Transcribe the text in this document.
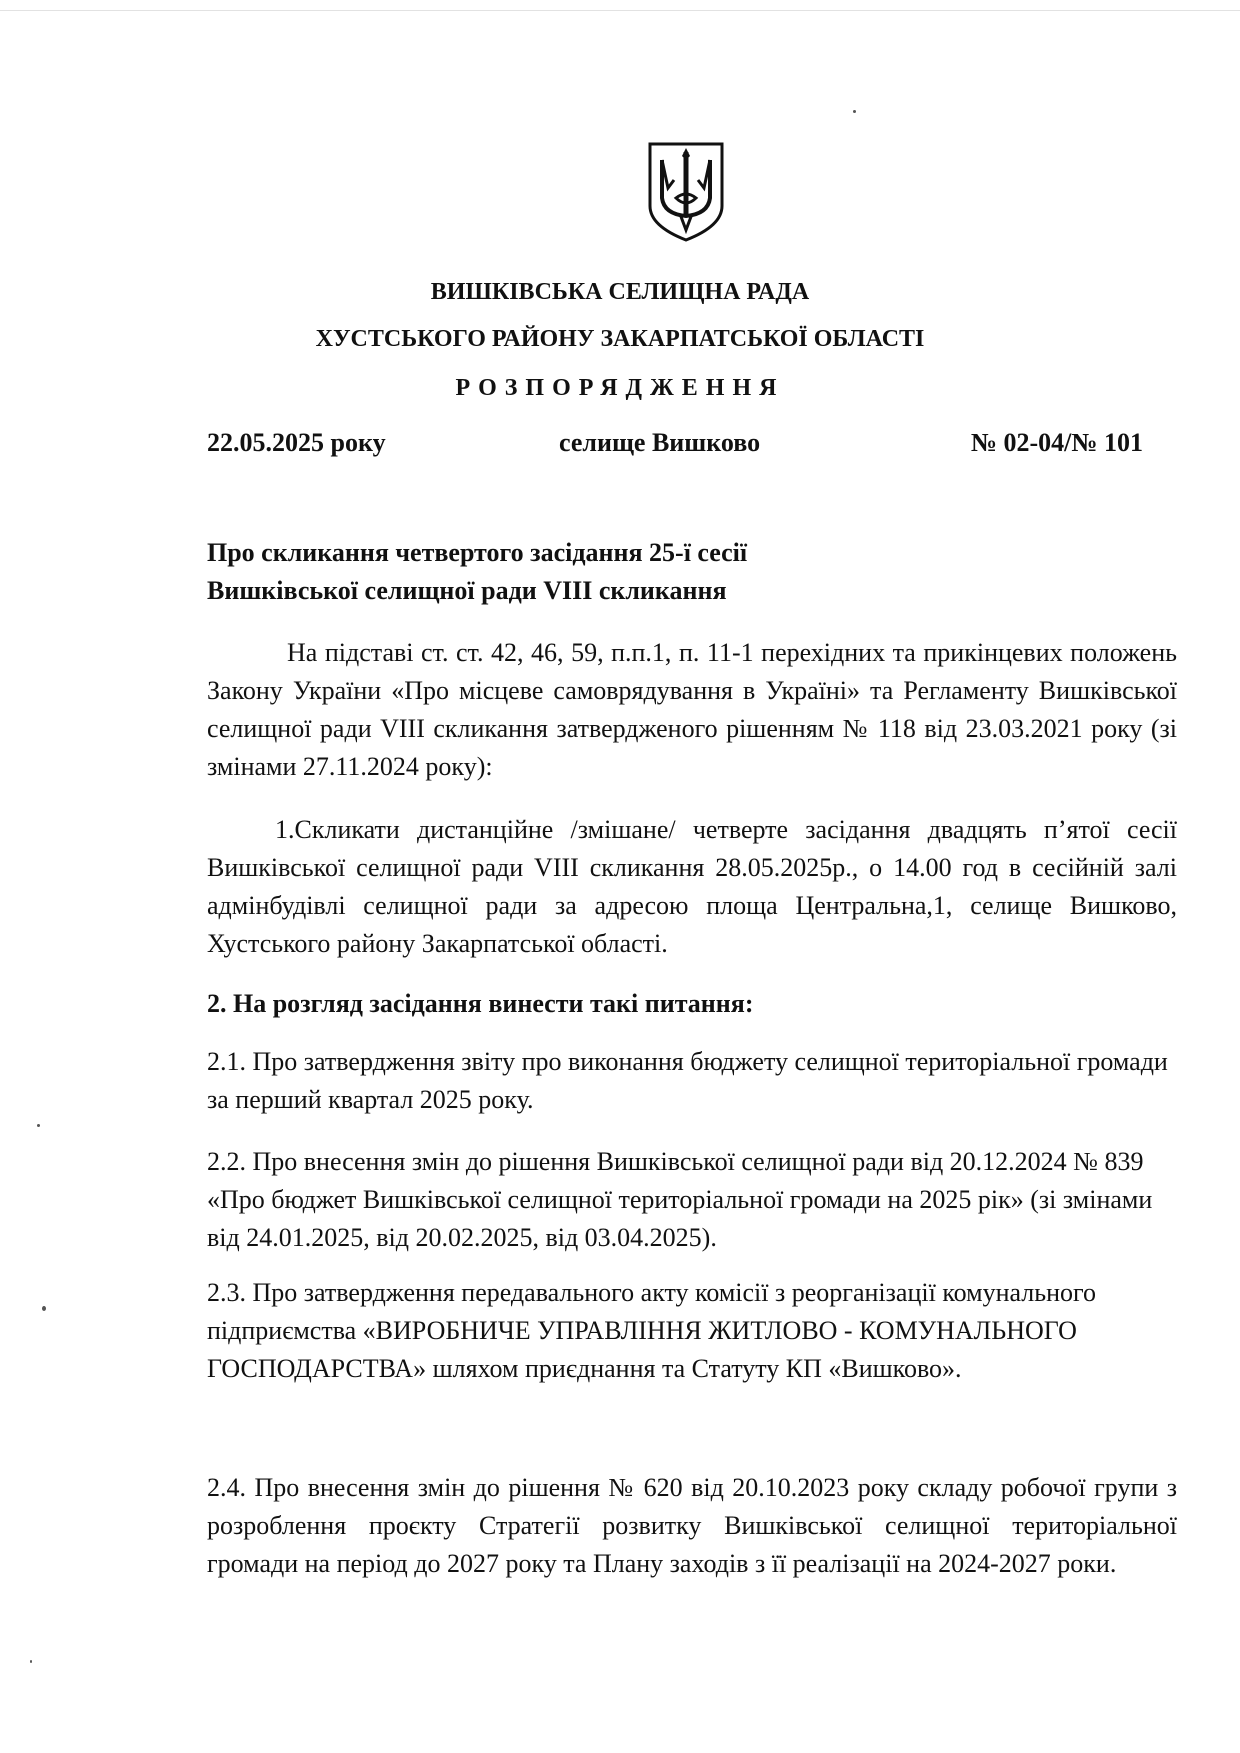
ВИШКІВСЬКА СЕЛИЩНА РАДА
ХУСТСЬКОГО РАЙОНУ ЗАКАРПАТСЬКОЇ ОБЛАСТІ
РОЗПОРЯДЖЕННЯ
22.05.2025 року	селище Вишково	№ 02-04/№ 101
Про скликання четвертого засідання 25-ї сесії
Вишківської селищної ради VIII скликання
На підставі ст. ст. 42, 46, 59, п.п.1, п. 11-1 перехідних та прикінцевих положень Закону України «Про місцеве самоврядування в Україні» та Регламенту Вишківської селищної ради VIII скликання затвердженого рішенням № 118 від 23.03.2021 року (зі змінами 27.11.2024 року):
1.Скликати дистанційне /змішане/ четверте засідання двадцять п’ятої сесії Вишківської селищної ради VIII скликання 28.05.2025р., о 14.00 год в сесійній залі адмінбудівлі селищної ради за адресою площа Центральна,1, селище Вишково, Хустського району Закарпатської області.
2. На розгляд засідання винести такі питання:
2.1. Про затвердження звіту про виконання бюджету селищної територіальної громади за перший квартал 2025 року.
2.2. Про внесення змін до рішення Вишківської селищної ради від 20.12.2024 № 839 «Про бюджет Вишківської селищної територіальної громади на 2025 рік» (зі змінами від 24.01.2025, від 20.02.2025, від 03.04.2025).
2.3. Про затвердження передавального акту комісії з реорганізації комунального підприємства «ВИРОБНИЧЕ УПРАВЛІННЯ ЖИТЛОВО - КОМУНАЛЬНОГО ГОСПОДАРСТВА» шляхом приєднання та Статуту КП «Вишково».
2.4. Про внесення змін до рішення № 620 від 20.10.2023 року складу робочої групи з розроблення проєкту Стратегії розвитку Вишківської селищної територіальної громади на період до 2027 року та Плану заходів з її реалізації на 2024-2027 роки.
